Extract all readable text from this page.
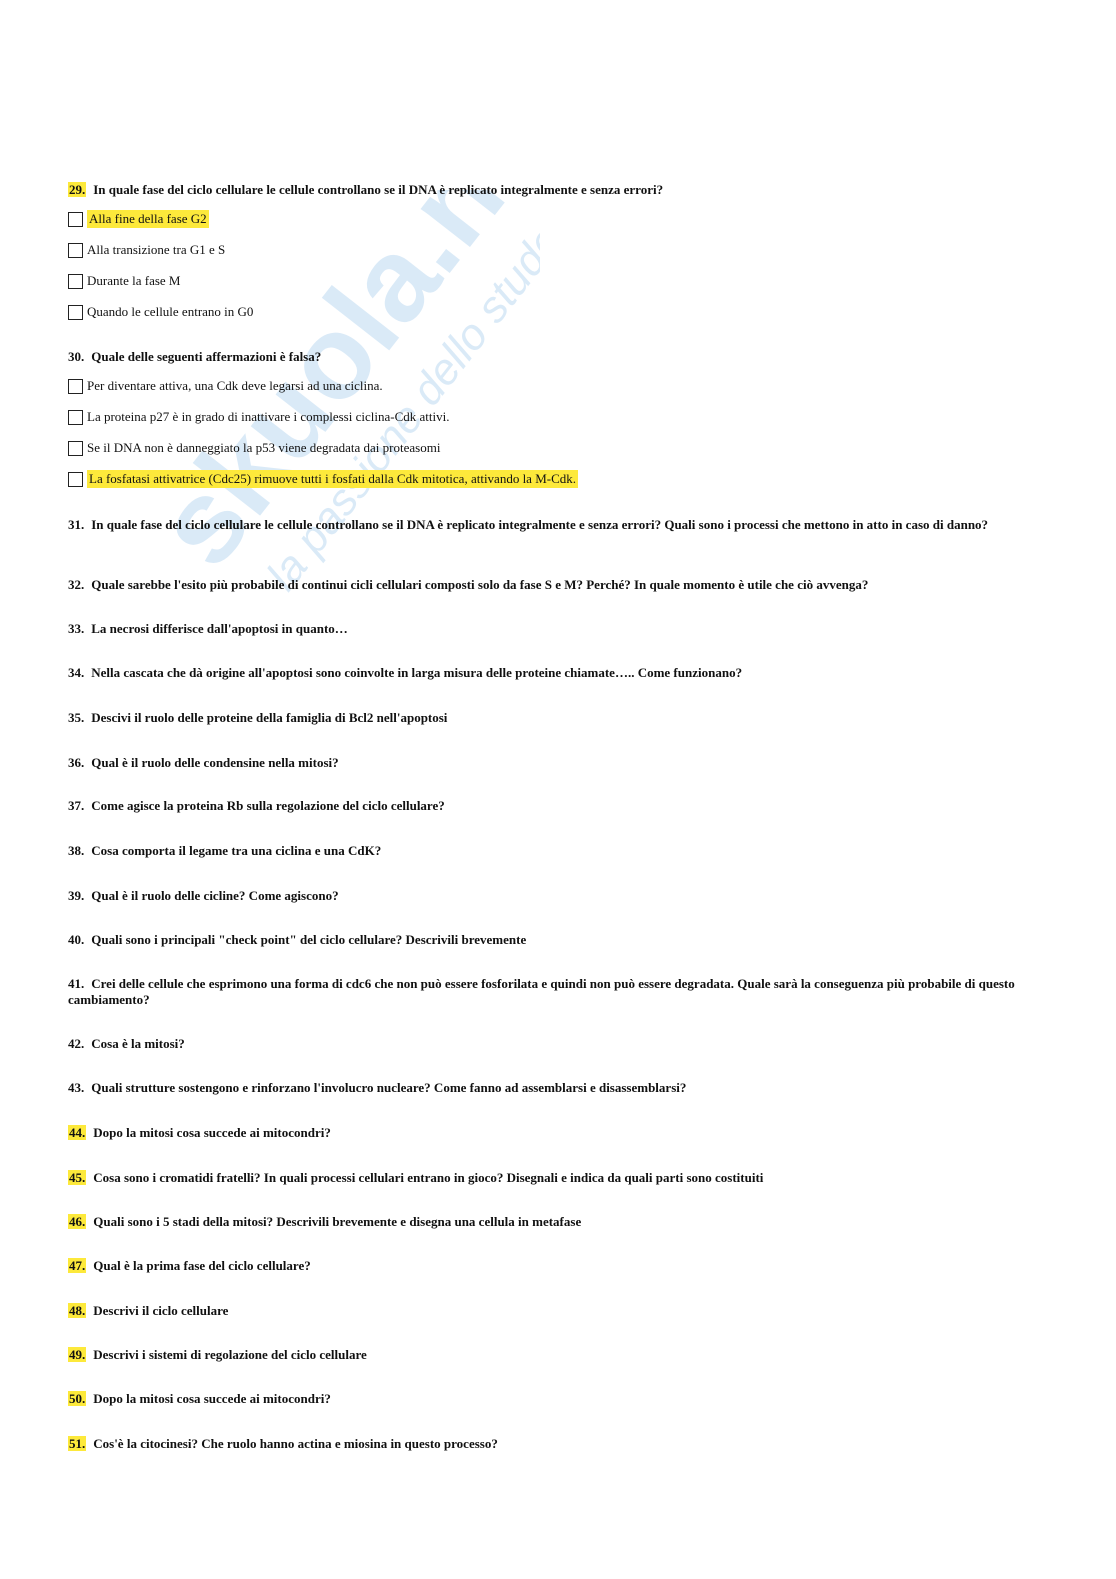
skuola.net
la passione dello studente

29. In quale fase del ciclo cellulare le cellule controllano se il DNA è replicato integralmente e senza errori?

Alla fine della fase G2
Alla transizione tra G1 e S
Durante la fase M
Quando le cellule entrano in G0

30. Quale delle seguenti affermazioni è falsa?

Per diventare attiva, una Cdk deve legarsi ad una ciclina.
La proteina p27 è in grado di inattivare i complessi ciclina-Cdk attivi.
Se il DNA non è danneggiato la p53 viene degradata dai proteasomi
La fosfatasi attivatrice (Cdc25) rimuove tutti i fosfati dalla Cdk mitotica, attivando la M-Cdk.

31. In quale fase del ciclo cellulare le cellule controllano se il DNA è replicato integralmente e senza errori? Quali sono i processi che mettono in atto in caso di danno?

32. Quale sarebbe l'esito più probabile di continui cicli cellulari composti solo da fase S e M? Perché? In quale momento è utile che ciò avvenga?

33. La necrosi differisce dall'apoptosi in quanto…

34. Nella cascata che dà origine all'apoptosi sono coinvolte in larga misura delle proteine chiamate….. Come funzionano?

35. Descivi il ruolo delle proteine della famiglia di Bcl2 nell'apoptosi

36. Qual è il ruolo delle condensine nella mitosi?

37. Come agisce la proteina Rb sulla regolazione del ciclo cellulare?

38. Cosa comporta il legame tra una ciclina e una CdK?

39. Qual è il ruolo delle cicline? Come agiscono?

40. Quali sono i principali "check point" del ciclo cellulare? Descrivili brevemente

41. Crei delle cellule che esprimono una forma di cdc6 che non può essere fosforilata e quindi non può essere degradata. Quale sarà la conseguenza più probabile di questo cambiamento?

42. Cosa è la mitosi?

43. Quali strutture sostengono e rinforzano l'involucro nucleare? Come fanno ad assemblarsi e disassemblarsi?

44. Dopo la mitosi cosa succede ai mitocondri?

45. Cosa sono i cromatidi fratelli? In quali processi cellulari entrano in gioco? Disegnali e indica da quali parti sono costituiti

46. Quali sono i 5 stadi della mitosi? Descrivili brevemente e disegna una cellula in metafase

47. Qual è la prima fase del ciclo cellulare?

48. Descrivi il ciclo cellulare

49. Descrivi i sistemi di regolazione del ciclo cellulare

50. Dopo la mitosi cosa succede ai mitocondri?

51. Cos'è la citocinesi? Che ruolo hanno actina e miosina in questo processo?
